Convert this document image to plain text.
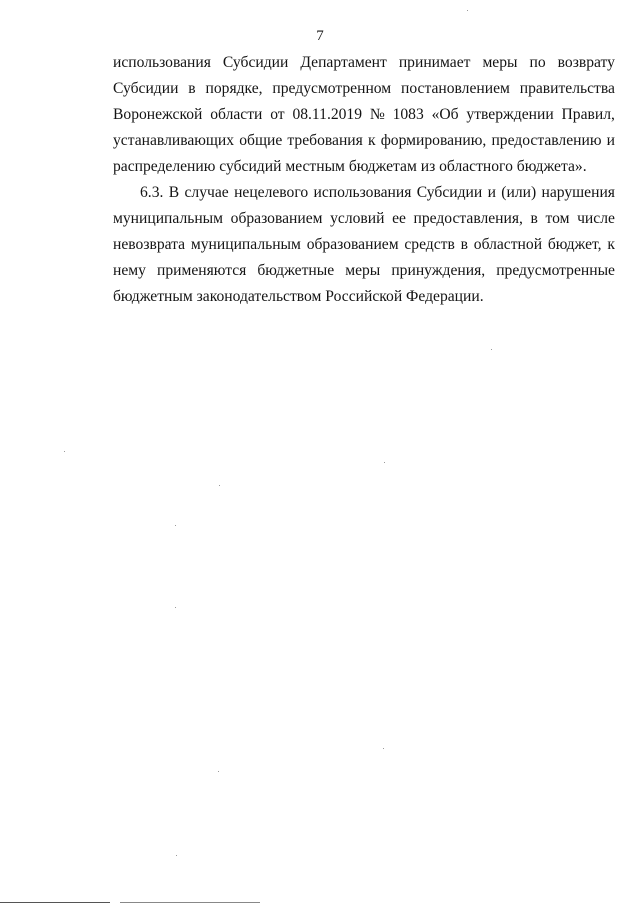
7
использования Субсидии Департамент принимает меры по возврату
Субсидии в порядке, предусмотренном постановлением правительства
Воронежской области от 08.11.2019 № 1083 «Об утверждении Правил,
устанавливающих общие требования к формированию, предоставлению и
распределению субсидий местным бюджетам из областного бюджета».
6.3. В случае нецелевого использования Субсидии и (или) нарушения
муниципальным образованием условий ее предоставления, в том числе
невозврата муниципальным образованием средств в областной бюджет, к
нему применяются бюджетные меры принуждения, предусмотренные
бюджетным законодательством Российской Федерации.
